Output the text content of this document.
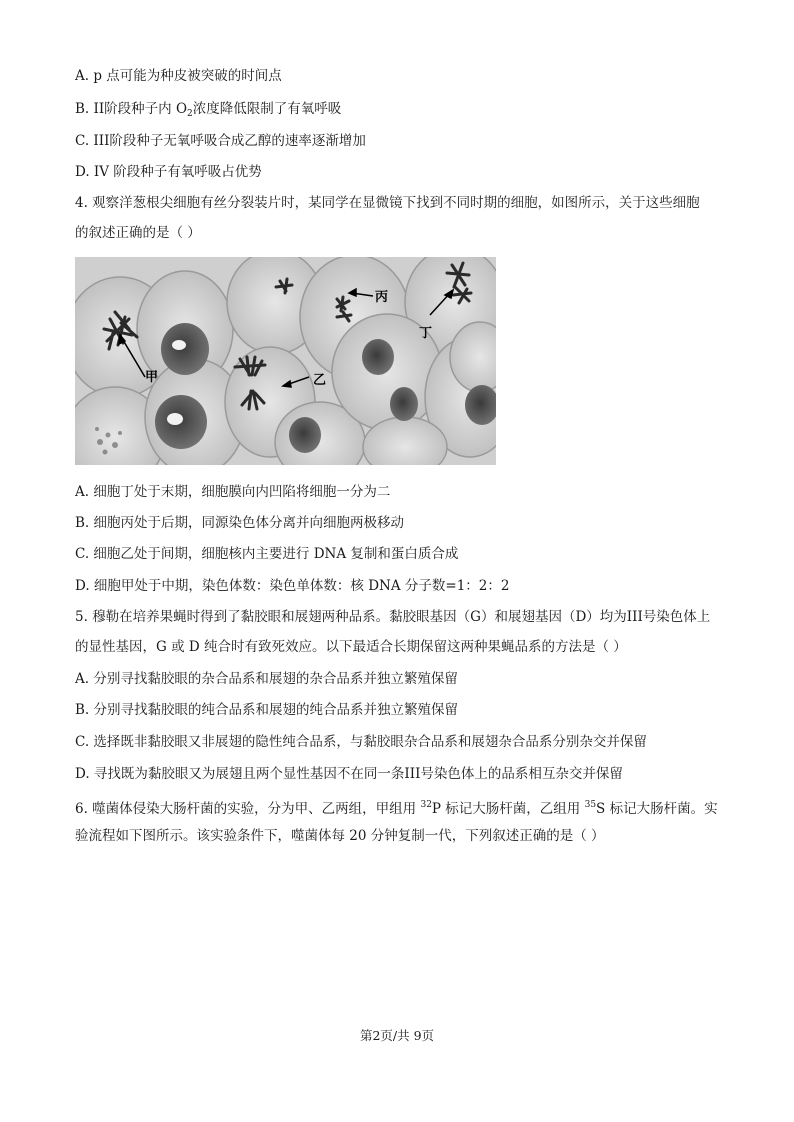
A. p 点可能为种皮被突破的时间点
B. II阶段种子内 $O_2$浓度降低限制了有氧呼吸
C. III阶段种子无氧呼吸合成乙醇的速率逐渐增加
D. IV 阶段种子有氧呼吸占优势
4. 观察洋葱根尖细胞有丝分裂装片时，某同学在显微镜下找到不同时期的细胞，如图所示，关于这些细胞
的叙述正确的是（ ）
甲	乙
丙
丁
A. 细胞丁处于末期，细胞膜向内凹陷将细胞一分为二
B. 细胞丙处于后期，同源染色体分离并向细胞两极移动
C. 细胞乙处于间期，细胞核内主要进行 DNA 复制和蛋白质合成
D. 细胞甲处于中期，染色体数：染色单体数：核 DNA 分子数=1：2：2
5. 穆勒在培养果蝇时得到了黏胶眼和展翅两种品系。黏胶眼基因（G）和展翅基因（D）均为III号染色体上
的显性基因，G 或 D 纯合时有致死效应。以下最适合长期保留这两种果蝇品系的方法是（ ）
A. 分别寻找黏胶眼的杂合品系和展翅的杂合品系并独立繁殖保留
B. 分别寻找黏胶眼的纯合品系和展翅的纯合品系并独立繁殖保留
C. 选择既非黏胶眼又非展翅的隐性纯合品系，与黏胶眼杂合品系和展翅杂合品系分别杂交并保留
D. 寻找既为黏胶眼又为展翅且两个显性基因不在同一条III号染色体上的品系相互杂交并保留
6. 噬菌体侵染大肠杆菌的实验，分为甲、乙两组，甲组用 $^{32}$P 标记大肠杆菌，乙组用 $^{35}$S 标记大肠杆菌。实
验流程如下图所示。该实验条件下，噬菌体每 20 分钟复制一代，下列叙述正确的是（ ）
第2页/共 9页
